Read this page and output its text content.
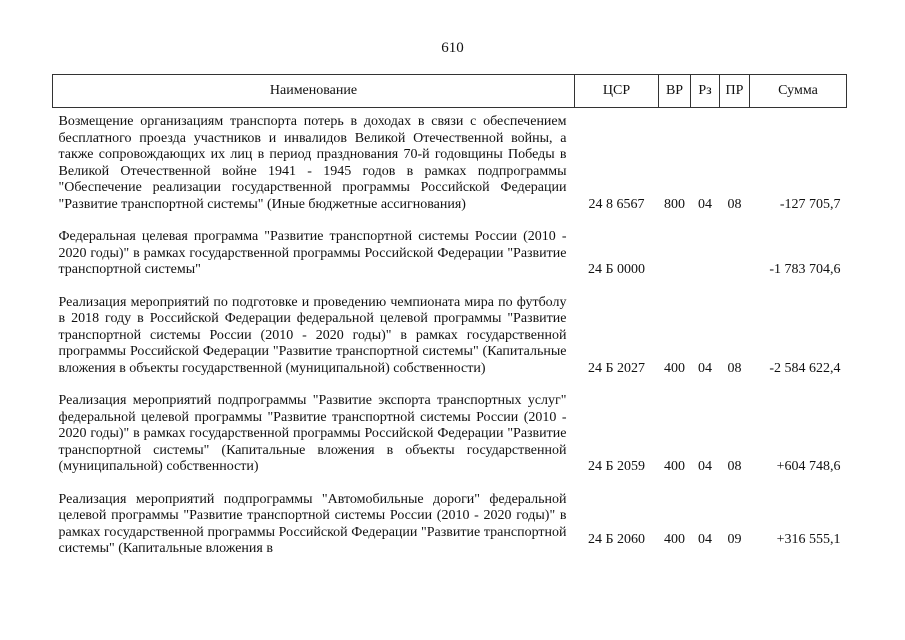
610
Наименование	ЦСР	ВР	Рз	ПР	Сумма
Возмещение организациям транспорта потерь в доходах в связи с обеспечением бесплатного проезда участников и инвалидов Великой Отечественной войны, а также сопровождающих их лиц в период празднования 70-й годовщины Победы в Великой Отечественной войне 1941 - 1945 годов в рамках подпрограммы "Обеспечение реализации государственной программы Российской Федерации "Развитие транспортной системы" (Иные бюджетные ассигнования)	24 8 6567	800	04	08	-127 705,7

Федеральная целевая программа "Развитие транспортной системы России (2010 - 2020 годы)" в рамках государственной программы Российской Федерации "Развитие транспортной системы"	24 Б 0000				-1 783 704,6

Реализация мероприятий по подготовке и проведению чемпионата мира по футболу в 2018 году в Российской Федерации федеральной целевой программы "Развитие транспортной системы России (2010 - 2020 годы)" в рамках государственной программы Российской Федерации "Развитие транспортной системы" (Капитальные вложения в объекты государственной (муниципальной) собственности)	24 Б 2027	400	04	08	-2 584 622,4

Реализация мероприятий подпрограммы "Развитие экспорта транспортных услуг" федеральной целевой программы "Развитие транспортной системы России (2010 - 2020 годы)" в рамках государственной программы Российской Федерации "Развитие транспортной системы" (Капитальные вложения в объекты государственной (муниципальной) собственности)	24 Б 2059	400	04	08	+604 748,6

Реализация мероприятий подпрограммы "Автомобильные дороги" федеральной целевой программы "Развитие транспортной системы России (2010 - 2020 годы)" в рамках государственной программы Российской Федерации "Развитие транспортной системы" (Капитальные вложения в	24 Б 2060	400	04	09	+316 555,1
